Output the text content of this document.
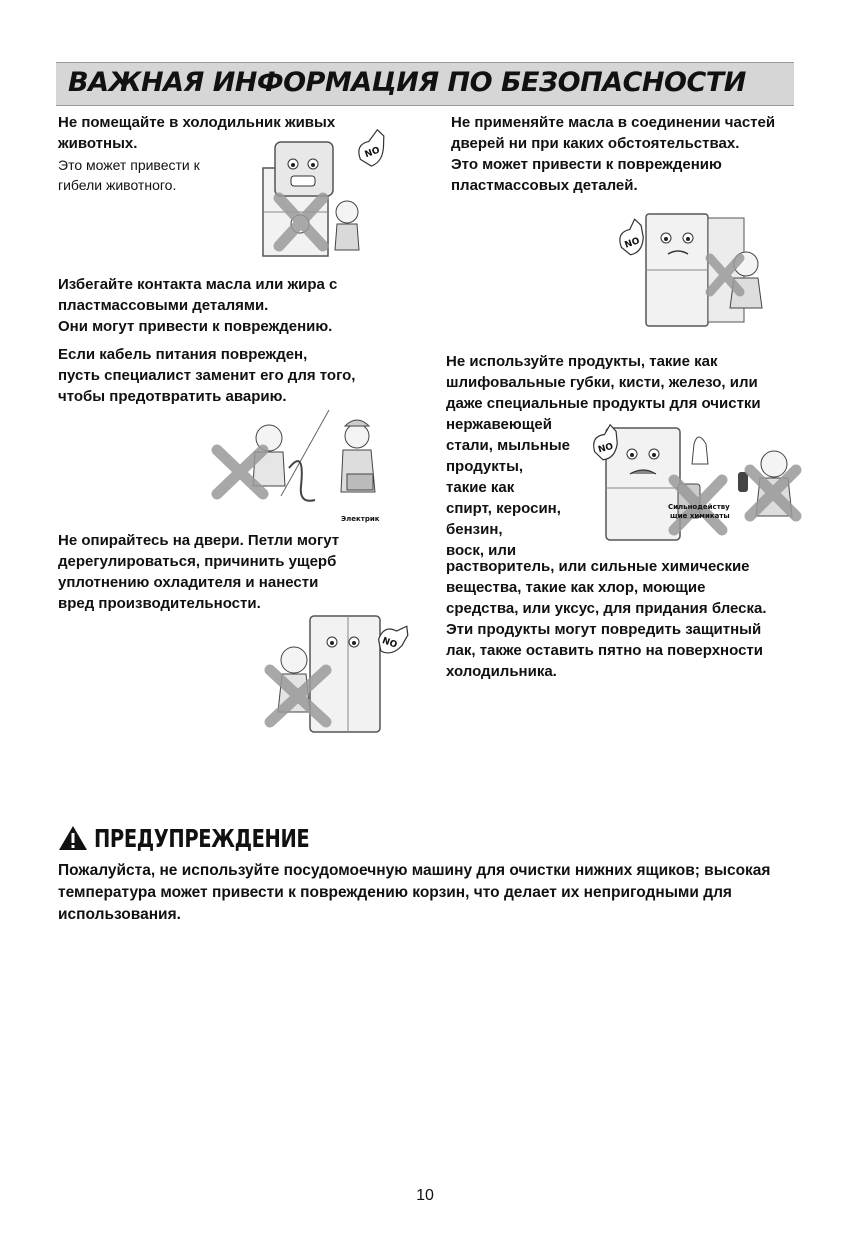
ВАЖНАЯ ИНФОРМАЦИЯ ПО БЕЗОПАСНОСТИ

Не помещайте в холодильник живых
животных.

Это может привести к
гибели животного.

NO

Избегайте контакта масла или жира с
пластмассовыми деталями.
Они могут привести к повреждению.

Если кабель питания поврежден,
пусть специалист заменит его для того,
чтобы предотвратить аварию.

Электрик

Не опирайтесь на двери. Петли могут
дерегулироваться, причинить ущерб
уплотнению охладителя и нанести
вред производительности.

NO

Не применяйте масла в соединении частей
дверей ни при каких обстоятельствах.
Это может привести к повреждению
пластмассовых деталей.

NO

Не используйте продукты, такие как
шлифовальные губки, кисти, железо, или
даже специальные продукты для очистки

нержавеющей
стали, мыльные
продукты,
такие как
спирт, керосин,
бензин,
воск, или

Сильнодейству
щие химикаты
NO

растворитель, или сильные химические
вещества, такие как хлор, моющие
средства, или уксус, для придания блеска.
Эти продукты могут повредить защитный
лак, также оставить пятно на поверхности
холодильника.

ПРЕДУПРЕЖДЕНИЕ

Пожалуйста, не используйте посудомоечную машину для очистки нижних ящиков; высокая
температура может привести к повреждению корзин, что делает их непригодными для
использования.

10
